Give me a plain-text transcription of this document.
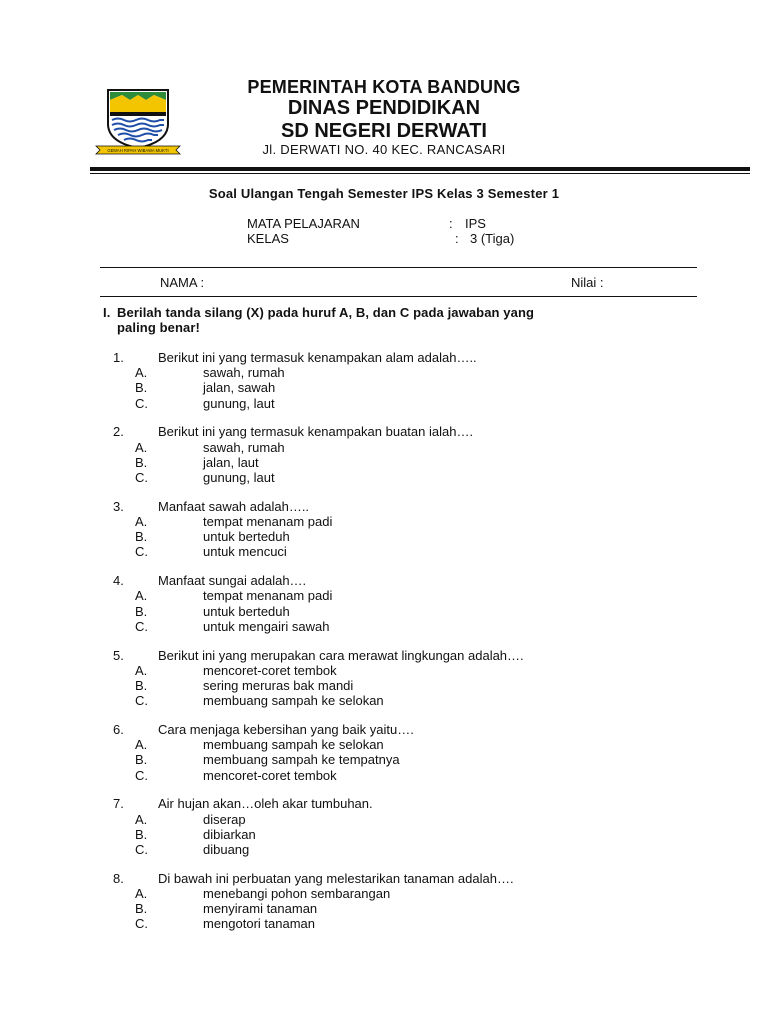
GEMAH RIPAH WIBAWA MUKTI
PEMERINTAH KOTA BANDUNG
DINAS PENDIDIKAN
SD NEGERI DERWATI
Jl. DERWATI NO. 40 KEC. RANCASARI
Soal Ulangan Tengah Semester IPS Kelas 3 Semester 1
MATA PELAJARAN	: IPS
KELAS	: 3 (Tiga)
NAMA :	Nilai :
I. Berilah tanda silang (X) pada huruf A, B, dan C pada jawaban yang
paling benar!
1.	Berikut ini yang termasuk kenampakan alam adalah…..
A.	sawah, rumah
B.	jalan, sawah
C.	gunung, laut
2.	Berikut ini yang termasuk kenampakan buatan ialah….
A.	sawah, rumah
B.	jalan, laut
C.	gunung, laut
3.	Manfaat sawah adalah…..
A.	tempat menanam padi
B.	untuk berteduh
C.	untuk mencuci
4.	Manfaat sungai adalah….
A.	tempat menanam padi
B.	untuk berteduh
C.	untuk mengairi sawah
5.	Berikut ini yang merupakan cara merawat lingkungan adalah….
A.	mencoret-coret tembok
B.	sering meruras bak mandi
C.	membuang sampah ke selokan
6.	Cara menjaga kebersihan yang baik yaitu….
A.	membuang sampah ke selokan
B.	membuang sampah ke tempatnya
C.	mencoret-coret tembok
7.	Air hujan akan…oleh akar tumbuhan.
A.	diserap
B.	dibiarkan
C.	dibuang
8.	Di bawah ini perbuatan yang melestarikan tanaman adalah….
A.	menebangi pohon sembarangan
B.	menyirami tanaman
C.	mengotori tanaman
